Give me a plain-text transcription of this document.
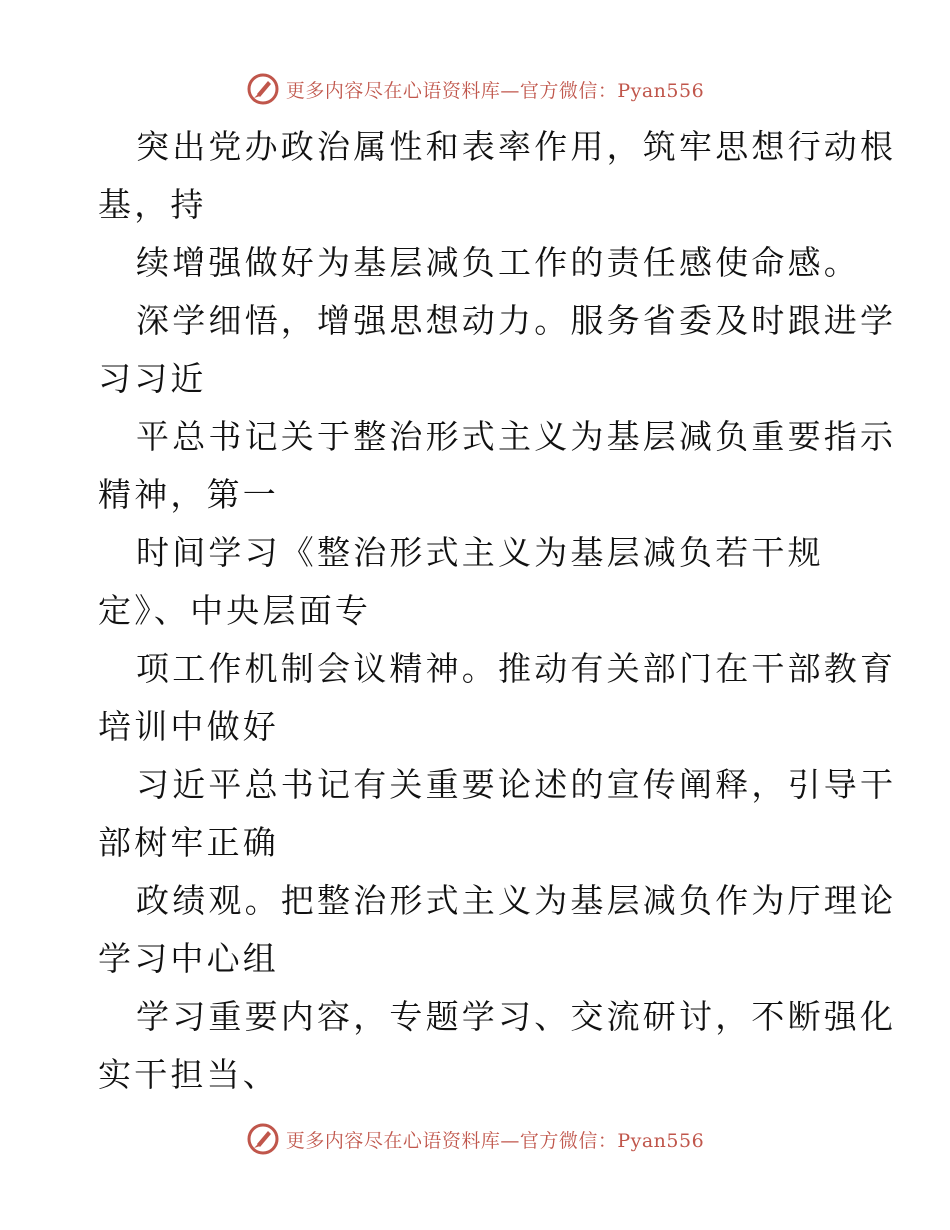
更多内容尽在心语资料库—官方微信：Pyan556
突出党办政治属性和表率作用，筑牢思想行动根
基，持
续增强做好为基层减负工作的责任感使命感。
深学细悟，增强思想动力。服务省委及时跟进学
习习近
平总书记关于整治形式主义为基层减负重要指示
精神，第一
时间学习《整治形式主义为基层减负若干规
定》、中央层面专
项工作机制会议精神。推动有关部门在干部教育
培训中做好
习近平总书记有关重要论述的宣传阐释，引导干
部树牢正确
政绩观。把整治形式主义为基层减负作为厅理论
学习中心组
学习重要内容，专题学习、交流研讨，不断强化
实干担当、
更多内容尽在心语资料库—官方微信：Pyan556
